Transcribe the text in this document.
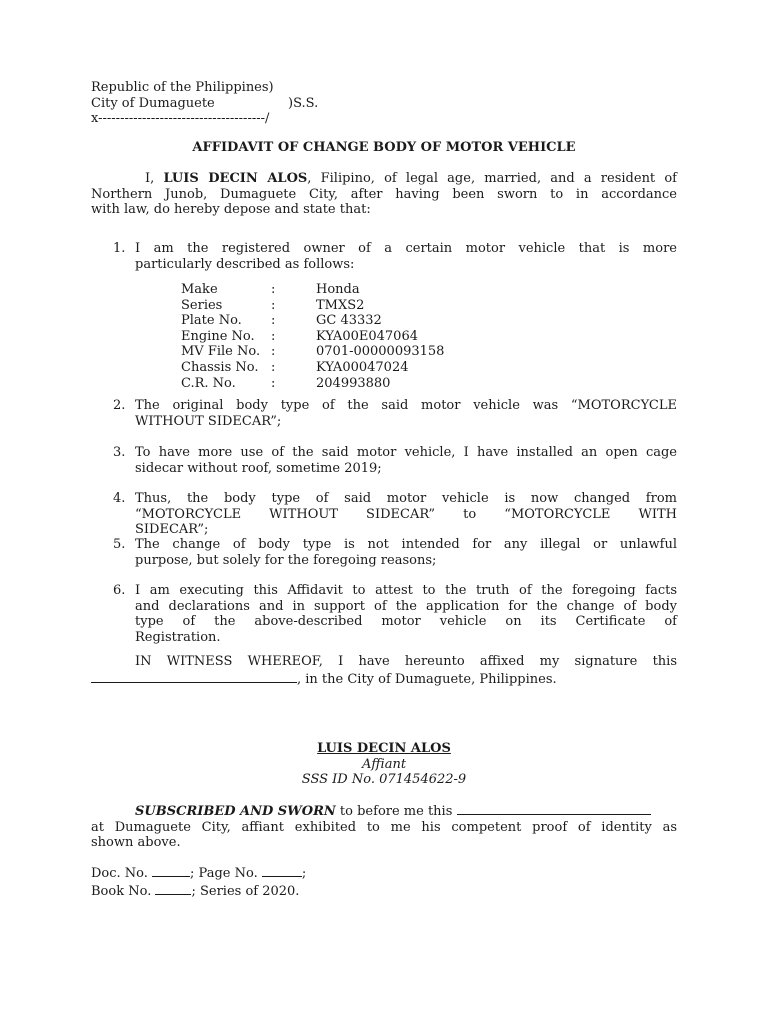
Republic of the Philippines)
City of Dumaguete	)S.S.
x--------------------------------------/
AFFIDAVIT OF CHANGE BODY OF MOTOR VEHICLE
I, LUIS DECIN ALOS, Filipino, of legal age, married, and a resident of
Northern Junob, Dumaguete City, after having been sworn to in accordance
with law, do hereby depose and state that:
1. I am the registered owner of a certain motor vehicle that is more
particularly described as follows:
Make	:	Honda
Series	:	TMXS2
Plate No. :	GC 43332
Engine No. :	KYA00E047064
MV File No. :	0701-00000093158
Chassis No. :	KYA00047024
C.R. No.	:	204993880
2. The original body type of the said motor vehicle was “MOTORCYCLE
WITHOUT SIDECAR”;
3. To have more use of the said motor vehicle, I have installed an open cage
sidecar without roof, sometime 2019;
4. Thus, the body type of said motor vehicle is now changed from
“MOTORCYCLE WITHOUT SIDECAR” to “MOTORCYCLE WITH
SIDECAR”;
5. The change of body type is not intended for any illegal or unlawful
purpose, but solely for the foregoing reasons;
6. I am executing this Affidavit to attest to the truth of the foregoing facts
and declarations and in support of the application for the change of body
type of the above-described motor vehicle on its Certificate of
Registration.
IN WITNESS WHEREOF, I have hereunto affixed my signature this
, in the City of Dumaguete, Philippines.
LUIS DECIN ALOS
Affiant
SSS ID No. 071454622-9
SUBSCRIBED AND SWORN to before me this
at Dumaguete City, affiant exhibited to me his competent proof of identity as
shown above.
Doc. No.	; Page No.	;
Book No.	; Series of 2020.
